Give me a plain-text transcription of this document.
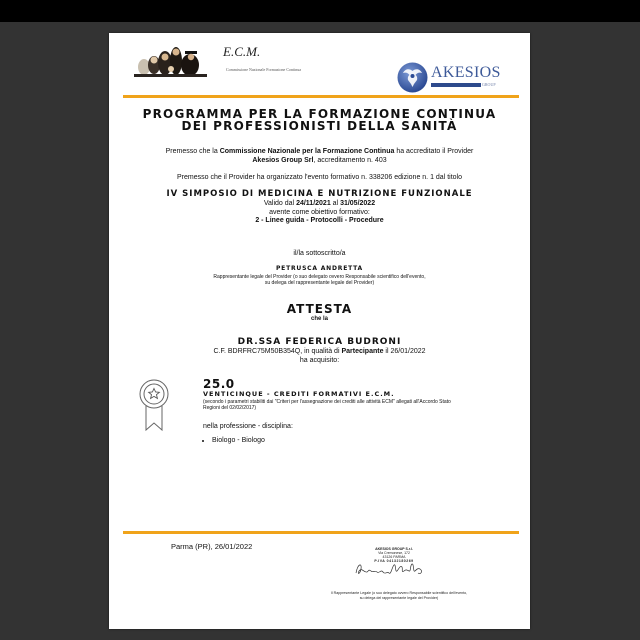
E.C.M.
Commissione Nazionale Formazione Continua	AKESIOS
GROUP
PROGRAMMA PER LA FORMAZIONE CONTINUA
DEI PROFESSIONISTI DELLA SANITÀ
Premesso che la Commissione Nazionale per la Formazione Continua ha accreditato il Provider
Akesios Group Srl, accreditamento n. 403
Premesso che il Provider ha organizzato l'evento formativo n. 338206 edizione n. 1 dal titolo
IV SIMPOSIO DI MEDICINA E NUTRIZIONE FUNZIONALE
Valido dal 24/11/2021 al 31/05/2022
avente come obiettivo formativo:
2 - Linee guida - Protocolli - Procedure
il/la sottoscritto/a
PETRUSCA ANDRETTA
Rappresentante legale del Provider (o suo delegato ovvero Responsabile scientifico dell'evento,
su delega del rappresentante legale del Provider)
ATTESTA
che la
DR.SSA FEDERICA BUDRONI
C.F. BDRFRC75M50B354Q, in qualità di Partecipante il 26/01/2022
ha acquisito:
25.0
VENTICINQUE - CREDITI FORMATIVI E.C.M.
(secondo i parametri stabiliti dai "Criteri per l'assegnazione dei crediti alle attività ECM" allegati all'Accordo Stato
Regioni del 02/02/2017)
nella professione - disciplina:
• Biologo - Biologo
Parma (PR), 26/01/2022	AKESIOS GROUP S.r.l.
Via Cremonese, 172
43126 PARMA
P.IVA 04132180269
Il Rappresentante Legale (o suo delegato ovvero Responsabile scientifico dell'evento,
su delega del rappresentante legale del Provider)
